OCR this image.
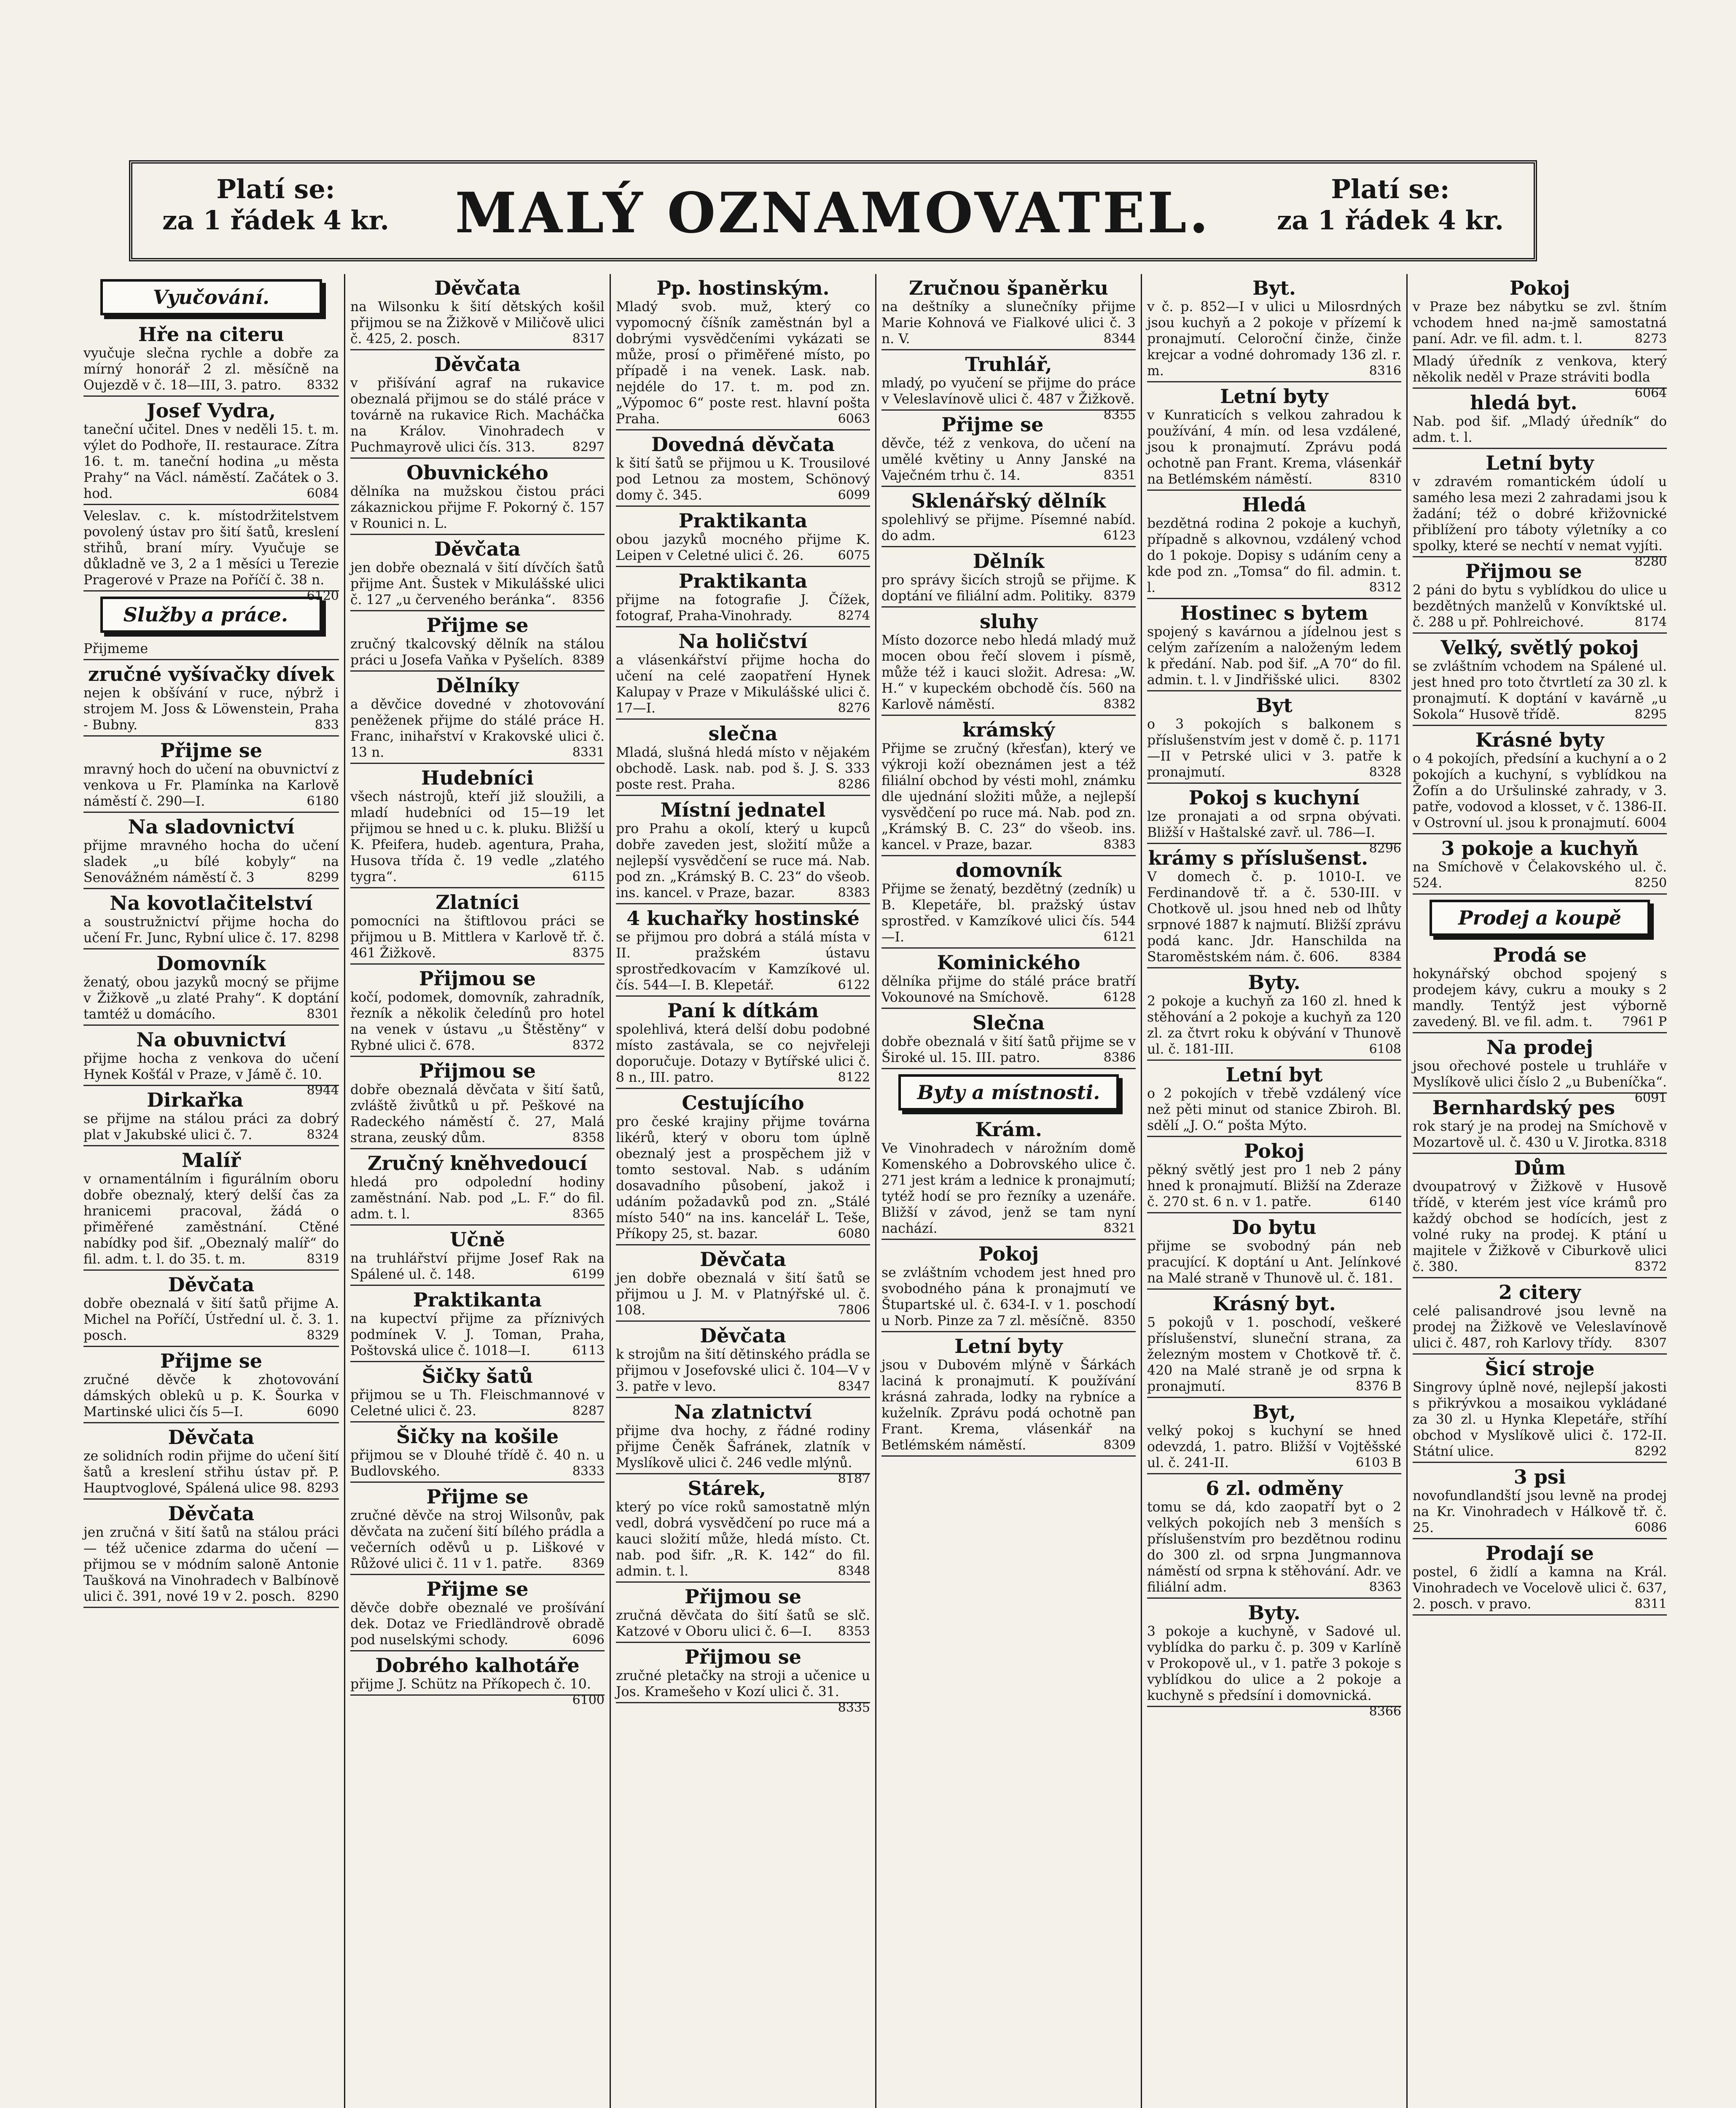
Platí se:
za 1 řádek 4 kr.	MALÝ OZNAMOVATEL.	Platí se:
za 1 řádek 4 kr.
Vyučování.
Hře na citeru

vyučuje slečna rychle a dobře za mírný honorář 2 zl. měsíčně na Oujezdě v č. 18—III, 3. patro. 8332

Josef Vydra,

taneční učitel. Dnes v neděli 15. t. m. výlet do Podhoře, II. restaurace. Zítra 16. t. m. taneční hodina „u města Prahy“ na Václ. náměstí. Začátek o 3. hod.	6084

Veleslav. c. k. místodržitelstvem povolený ústav pro šití šatů, kreslení střihů, braní míry. Vyučuje se důkladně ve 3, 2 a 1 měsíci u Terezie Pragerové v Praze na Poříčí č. 38 n.
6120

Služby a práce.

Přijmeme

zručné vyšívačky dívek

nejen k obšívání v ruce, nýbrž i strojem M. Joss & Löwenstein, Praha - Bubny.	833

Přijme se

mravný hoch do učení na obuvnictví z venkova u Fr. Plamínka na Karlově náměstí č. 290—I.	6180

Na sladovnictví

přijme mravného hocha do učení sladek „u bílé kobyly“ na Senovážném náměstí č. 3	8299

Na kovotlačitelství

a soustružnictví přijme hocha do učení Fr. Junc, Rybní ulice č. 17. 8298

Domovník

ženatý, obou jazyků mocný se přijme v Žižkově „u zlaté Prahy“. K doptání tamtéž u domácího.	8301

Na obuvnictví

přijme hocha z venkova do učení Hynek Košťál v Praze, v Jámě č. 10.
8944

Dirkařka

se přijme na stálou práci za dobrý plat v Jakubské ulici č. 7.	8324

Malíř

v ornamentálním i figurálním oboru dobře obeznalý, který delší čas za hranicemi pracoval, žádá o přiměřené zaměstnání. Ctěné nabídky pod šif. „Obeznalý malíř“ do fil. adm. t. l. do 35. t. m.	8319

Děvčata

dobře obeznalá v šití šatů přijme A. Michel na Poříčí, Ústřední ul. č. 3. 1. posch.	8329

Přijme se

zručné děvče k zhotovování dámských oblekû u p. K. Šourka v Martinské ulici čís 5—I.	6090

Děvčata

ze solidních rodin přijme do učení šití šatů a kreslení střihu ústav př. P. Hauptvoglové, Spálená ulice 98. 8293

Děvčata

jen zručná v šití šatů na stálou práci — též učenice zdarma do učení — přijmou se v módním salonĕ Antonie Taušková na Vinohradech v Balbínově ulici č. 391, nové 19 v 2. posch. 8290

Děvčata

na Wilsonku k šití dětských košil přijmou se na Žižkově v Miličově ulici č. 425, 2. posch.	8317

Děvčata

v přišívání agraf na rukavice obeznalá přijmou se do stálé práce v továrně na rukavice Rich. Macháčka na Králov. Vinohradech v Puchmayrově ulici čís. 313.	8297

Obuvnického

dělníka na mužskou čistou práci zákaznickou přijme F. Pokorný č. 157 v Rounici n. L.

Děvčata

jen dobře obeznalá v šití dívčích šatů přijme Ant. Šustek v Mikulášské ulici č. 127 „u červeného beránka“. 8356

Přijme se

zručný tkalcovský dělník na stálou práci u Josefa Vaňka v Pyšelích. 8389

Dělníky

a děvčice dovedné v zhotovování peněženek přijme do stálé práce H. Franc, inihařství v Krakovské ulici č. 13 n.	8331

Hudebníci

všech nástrojů, kteří již sloužili, a mladí hudebníci od 15—19 let přijmou se hned u c. k. pluku. Bližší u K. Pfeifera, hudeb. agentura, Praha, Husova třída č. 19 vedle „zlatého tygra“.	6115

Zlatníci

pomocníci na štiftlovou práci se přijmou u B. Mittlera v Karlově tř. č. 461 Žižkově.	8375

Přijmou se

kočí, podomek, domovník, zahradník, řezník a několik čeledínů pro hotel na venek v ústavu „u Štěstěny“ v Rybné ulici č. 678.	8372

Přijmou se

dobře obeznalá děvčata v šití šatů, zvláště živůtků u př. Peškové na Radeckého náměstí č. 27, Malá strana, zeuský dům.	8358

Zručný kněhvedoucí

hledá pro odpolední hodiny zaměstnání. Nab. pod „L. F.“ do fil. adm. t. l.	8365

Učně

na truhlářství přijme Josef Rak na Spálené ul. č. 148.	6199

Praktikanta

na kupectví přijme za příznivých podmínek V. J. Toman, Praha, Poštovská ulice č. 1018—I.	6113

Šičky šatů

přijmou se u Th. Fleischmannové v Celetné ulici č. 23.	8287

Šičky na košile

přijmou se v Dlouhé třídě č. 40 n. u Budlovského.	8333

Přijme se

zručné děvče na stroj Wilsonův, pak děvčata na zučení šití bílého prádla a večerních oděvů u p. Liškové v Růžové ulici č. 11 v 1. patře. 8369

Přijme se

děvče dobře obeznalé ve prošívání dek. Dotaz ve Friedländrově obradě pod nuselskými schody.	6096

Dobrého kalhotáře

přijme J. Schütz na Příkopech č. 10.
6100

Pp. hostinským.

Mladý svob. muž, který co vypomocný číšník zaměstnán byl a dobrými vysvědčeními vykázati se může, prosí o přiměřené místo, po případě i na venek. Lask. nab. nejdéle do 17. t. m. pod zn. „Výpomoc 6“ poste rest. hlavní pošta Praha.	6063

Dovedná děvčata

k šití šatů se přijmou u K. Trousilové pod Letnou za mostem, Schönový domy č. 345.	6099

Praktikanta

obou jazyků mocného přijme K. Leipen v Celetné ulici č. 26.	6075

Praktikanta

přijme na fotografie J. Čížek, fotograf, Praha-Vinohrady.	8274

Na holičství

a vlásenkářství přijme hocha do učení na celé zaopatření Hynek Kalupay v Praze v Mikulášské ulici č. 17—I.	8276

slečna

Mladá, slušná hledá místo v nějakém obchodě. Lask. nab. pod š. J. S. 333 poste rest. Praha.	8286

Místní jednatel

pro Prahu a okolí, který u kupců dobře zaveden jest, složití může a nejlepší vysvědčení se ruce má. Nab. pod zn. „Krámský B. C. 23“ do všeob. ins. kancel. v Praze, bazar.	8383

4 kuchařky hostinské

se přijmou pro dobrá a stálá místa v II. pražském ústavu sprostředkovacím v Kamzíkové ul. čís. 544—I. B. Klepetář.	6122

Paní k dítkám

spolehlivá, která delší dobu podobné místo zastávala, se co nejvřeleji doporučuje. Dotazy v Bytířské ulici č. 8 n., III. patro.	8122

Cestujícího

pro české krajiny přijme továrna likérů, který v oboru tom úplně obeznalý jest a prospěchem již v tomto sestoval. Nab. s udáním dosavadního působení, jakož i udáním požadavků pod zn. „Stálé místo 540“ na ins. kancelář L. Teše, Příkopy 25, st. bazar.	6080

Děvčata

jen dobře obeznalá v šití šatů se přijmou u J. M. v Platnýřské ul. č. 108.	7806

Děvčata

k strojům na šití dětinského prádla se přijmou v Josefovské ulici č. 104—V v 3. patře v levo.	8347

Na zlatnictví

přijme dva hochy, z řádné rodiny přijme Čeněk Šafránek, zlatník v Myslíkově ulici č. 246 vedle mlýnů.
8187

Stárek,

který po více roků samostatně mlýn vedl, dobrá vysvědčení po ruce má a kauci složití může, hledá místo. Ct. nab. pod šifr. „R. K. 142“ do fil. admin. t. l.	8348

Přijmou se

zručná děvčata do šití šatů se slč. Katzové v Oboru ulici č. 6—I. 8353

Přijmou se

zručné pletačky na stroji a učenice u Jos. Kramešeho v Kozí ulici č. 31.
8335

Zručnou španěrku

na deštníky a slunečníky přijme Marie Kohnová ve Fialkové ulici č. 3 n. V.	8344

Truhlář,

mladý, po vyučení se přijme do práce v Veleslavínově ulici č. 487 v Žižkově.
8355

Přijme se

děvče, též z venkova, do učení na umělé květiny u Anny Janské na Vaječném trhu č. 14.	8351

Sklenářský dělník

spolehlivý se přijme. Písemné nabíd. do adm.	6123

Dělník

pro správy šicích strojů se přijme. K doptání ve filiální adm. Politiky. 8379

sluhy

Místo dozorce nebo hledá mladý muž mocen obou řečí slovem i písmě, může též i kauci složit. Adresa: „W. H.“ v kupeckém obchodě čís. 560 na Karlově náměstí.	8382

krámský

Přijme se zručný (křesťan), který ve výkroji koží obeznámen jest a též filiální obchod by vésti mohl, známku dle ujednání složiti může, a nejlepší vysvědčení po ruce má. Nab. pod zn. „Krámský B. C. 23“ do všeob. ins. kancel. v Praze, bazar.	8383

domovník

Přijme se ženatý, bezdětný (zedník) u B. Klepetáře, bl. pražský ústav sprostřed. v Kamzíkové ulici čís. 544—I.	6121

Kominického

dělníka přijme do stálé práce bratří Vokounové na Smíchově.	6128

Slečna

dobře obeznalá v šití šatů přijme se v Široké ul. 15. III. patro.	8386

Byty a místnosti.
Krám.

Ve Vinohradech v nárožním domě Komenského a Dobrovského ulice č. 271 jest krám a lednice k pronajmutí; tytéž hodí se pro řezníky a uzenáře. Bližší v závod, jenž se tam nyní nachází.	8321

Pokoj

se zvláštním vchodem jest hned pro svobodného pána k pronajmutí ve Štupartské ul. č. 634-I. v 1. poschodí u Norb. Pinze za 7 zl. měsíčně. 8350

Letní byty

jsou v Dubovém mlýně v Šárkách laciná k pronajmutí. K používání krásná zahrada, lodky na rybníce a kuželník. Zprávu podá ochotně pan Frant. Krema, vlásenkář na Betlémském náměstí.	8309

Byt.

v č. p. 852—I v ulici u Milosrdných jsou kuchyň a 2 pokoje v přízemí k pronajmutí. Celoroční činže, činže krejcar a vodné dohromady 136 zl. r. m.	8316

Letní byty

v Kunraticích s velkou zahradou k používání, 4 mín. od lesa vzdálené, jsou k pronajmutí. Zprávu podá ochotně pan Frant. Krema, vlásenkář na Betlémském náměstí.	8310

Hledá

bezdětná rodina 2 pokoje a kuchyň, případně s alkovnou, vzdálený vchod do 1 pokoje. Dopisy s udáním ceny a kde pod zn. „Tomsa“ do fil. admin. t. l.	8312

Hostinec s bytem

spojený s kavárnou a jídelnou jest s celým zařízením a naloženým ledem k předání. Nab. pod šif. „A 70“ do fil. admin. t. l. v Jindřišské ulici. 8302

Byt

o 3 pokojích s balkonem s příslušenstvím jest v domě č. p. 1171—II v Petrské ulici v 3. patře k pronajmutí.	8328

Pokoj s kuchyní

lze pronajati a od srpna obývati. Bližší v Haštalské zavř. ul. 786—I.
8296

krámy s příslušenst.

V domech č. p. 1010-I. ve Ferdinandově tř. a č. 530-III. v Chotkově ul. jsou hned neb od lhůty srpnové 1887 k najmutí. Bližší zprávu podá kanc. Jdr. Hanschilda na Staroměstském nám. č. 606. 8384

Byty.

2 pokoje a kuchyň za 160 zl. hned k stěhování a 2 pokoje a kuchyň za 120 zl. za čtvrt roku k obývání v Thunově ul. č. 181-III.	6108

Letní byt

o 2 pokojích v třebě vzdálený více než pěti minut od stanice Zbiroh. Bl. sdělí „J. O.“ pošta Mýto.

Pokoj

pěkný světlý jest pro 1 neb 2 pány hned k pronajmutí. Bližší na Zderaze č. 270 st. 6 n. v 1. patře.	6140

Do bytu

přijme se svobodný pán neb pracující. K doptání u Ant. Jelínkové na Malé straně v Thunově ul. č. 181.

Krásný byt.

5 pokojů v 1. poschodí, veškeré příslušenství, sluneční strana, za železným mostem v Chotkově tř. č. 420 na Malé straně je od srpna k pronajmutí.	8376 B

Byt,

velký pokoj s kuchyní se hned odevzdá, 1. patro. Bližší v Vojtěšské ul. č. 241-II.	6103 B

6 zl. odměny

tomu se dá, kdo zaopatří byt o 2 velkých pokojích neb 3 menších s příslušenstvím pro bezdětnou rodinu do 300 zl. od srpna Jungmannova náměstí od srpna k stěhování. Adr. ve filiální adm.	8363

Byty.

3 pokoje a kuchyně, v Sadové ul. vyblídka do parku č. p. 309 v Karlíně v Prokopově ul., v 1. patře 3 pokoje s vyblídkou do ulice a 2 pokoje a kuchyně s předsíní i domovnická.
8366

Pokoj

v Praze bez nábytku se zvl. štním vchodem hned na-jmě samostatná paní. Adr. ve fil. adm. t. l.	8273

Mladý úředník z venkova, který několik neděl v Praze stráviti bodla
6064

hledá byt.

Nab. pod šif. „Mladý úředník“ do adm. t. l.

Letní byty

v zdravém romantickém údolí u samého lesa mezi 2 zahradami jsou k žadání; též o dobré křižovnické přiblížení pro táboty výletníky a co spolky, které se nechtí v nemat vyjíti.
8280

Přijmou se

2 páni do bytu s vyblídkou do ulice u bezdětných manželů v Konvíktské ul. č. 288 u př. Pohlreichové.	8174

Velký, světlý pokoj

se zvláštním vchodem na Spálené ul. jest hned pro toto čtvrtletí za 30 zl. k pronajmutí. K doptání v kavárně „u Sokola“ Husově třídě.	8295

Krásné byty

o 4 pokojích, předsíní a kuchyní a o 2 pokojích a kuchyní, s vyblídkou na Žofín a do Uršulinské zahrady, v 3. patře, vodovod a klosset, v č. 1386-II. v Ostrovní ul. jsou k pronajmutí. 6004

3 pokoje a kuchyň

na Smíchově v Čelakovského ul. č. 524.	8250

Prodej a koupě
Prodá se

hokynářský obchod spojený s prodejem kávy, cukru a mouky s 2 mandly. Tentýž jest výborně zavedený. Bl. ve fil. adm. t. 7961 P

Na prodej

jsou ořechové postele u truhláře v Myslíkově ulici číslo 2 „u Bubeníčka“.
6091

Bernhardský pes

rok starý je na prodej na Smíchově v Mozartově ul. č. 430 u V. Jirotka. 8318

Dům

dvoupatrový v Žižkově v Husově třídě, v kterém jest více krámů pro každý obchod se hodících, jest z volné ruky na prodej. K ptání u majitele v Žižkově v Ciburkově ulici č. 380.	8372

2 citery

celé palisandrové jsou levně na prodej na Žižkově ve Veleslavínově ulici č. 487, roh Karlovy třídy. 8307

Šicí stroje

Singrovy úplně nové, nejlepší jakosti s přikrývkou a mosaikou vykládané za 30 zl. u Hynka Klepetáře, stříhí obchod v Myslíkově ulici č. 172-II. Státní ulice.	8292

3 psi

novofundlandští jsou levně na prodej na Kr. Vinohradech v Hálkově tř. č. 25.	6086

Prodají se

postel, 6 židlí a kamna na Král. Vinohradech ve Vocelově ulici č. 637, 2. posch. v pravo.	8311
